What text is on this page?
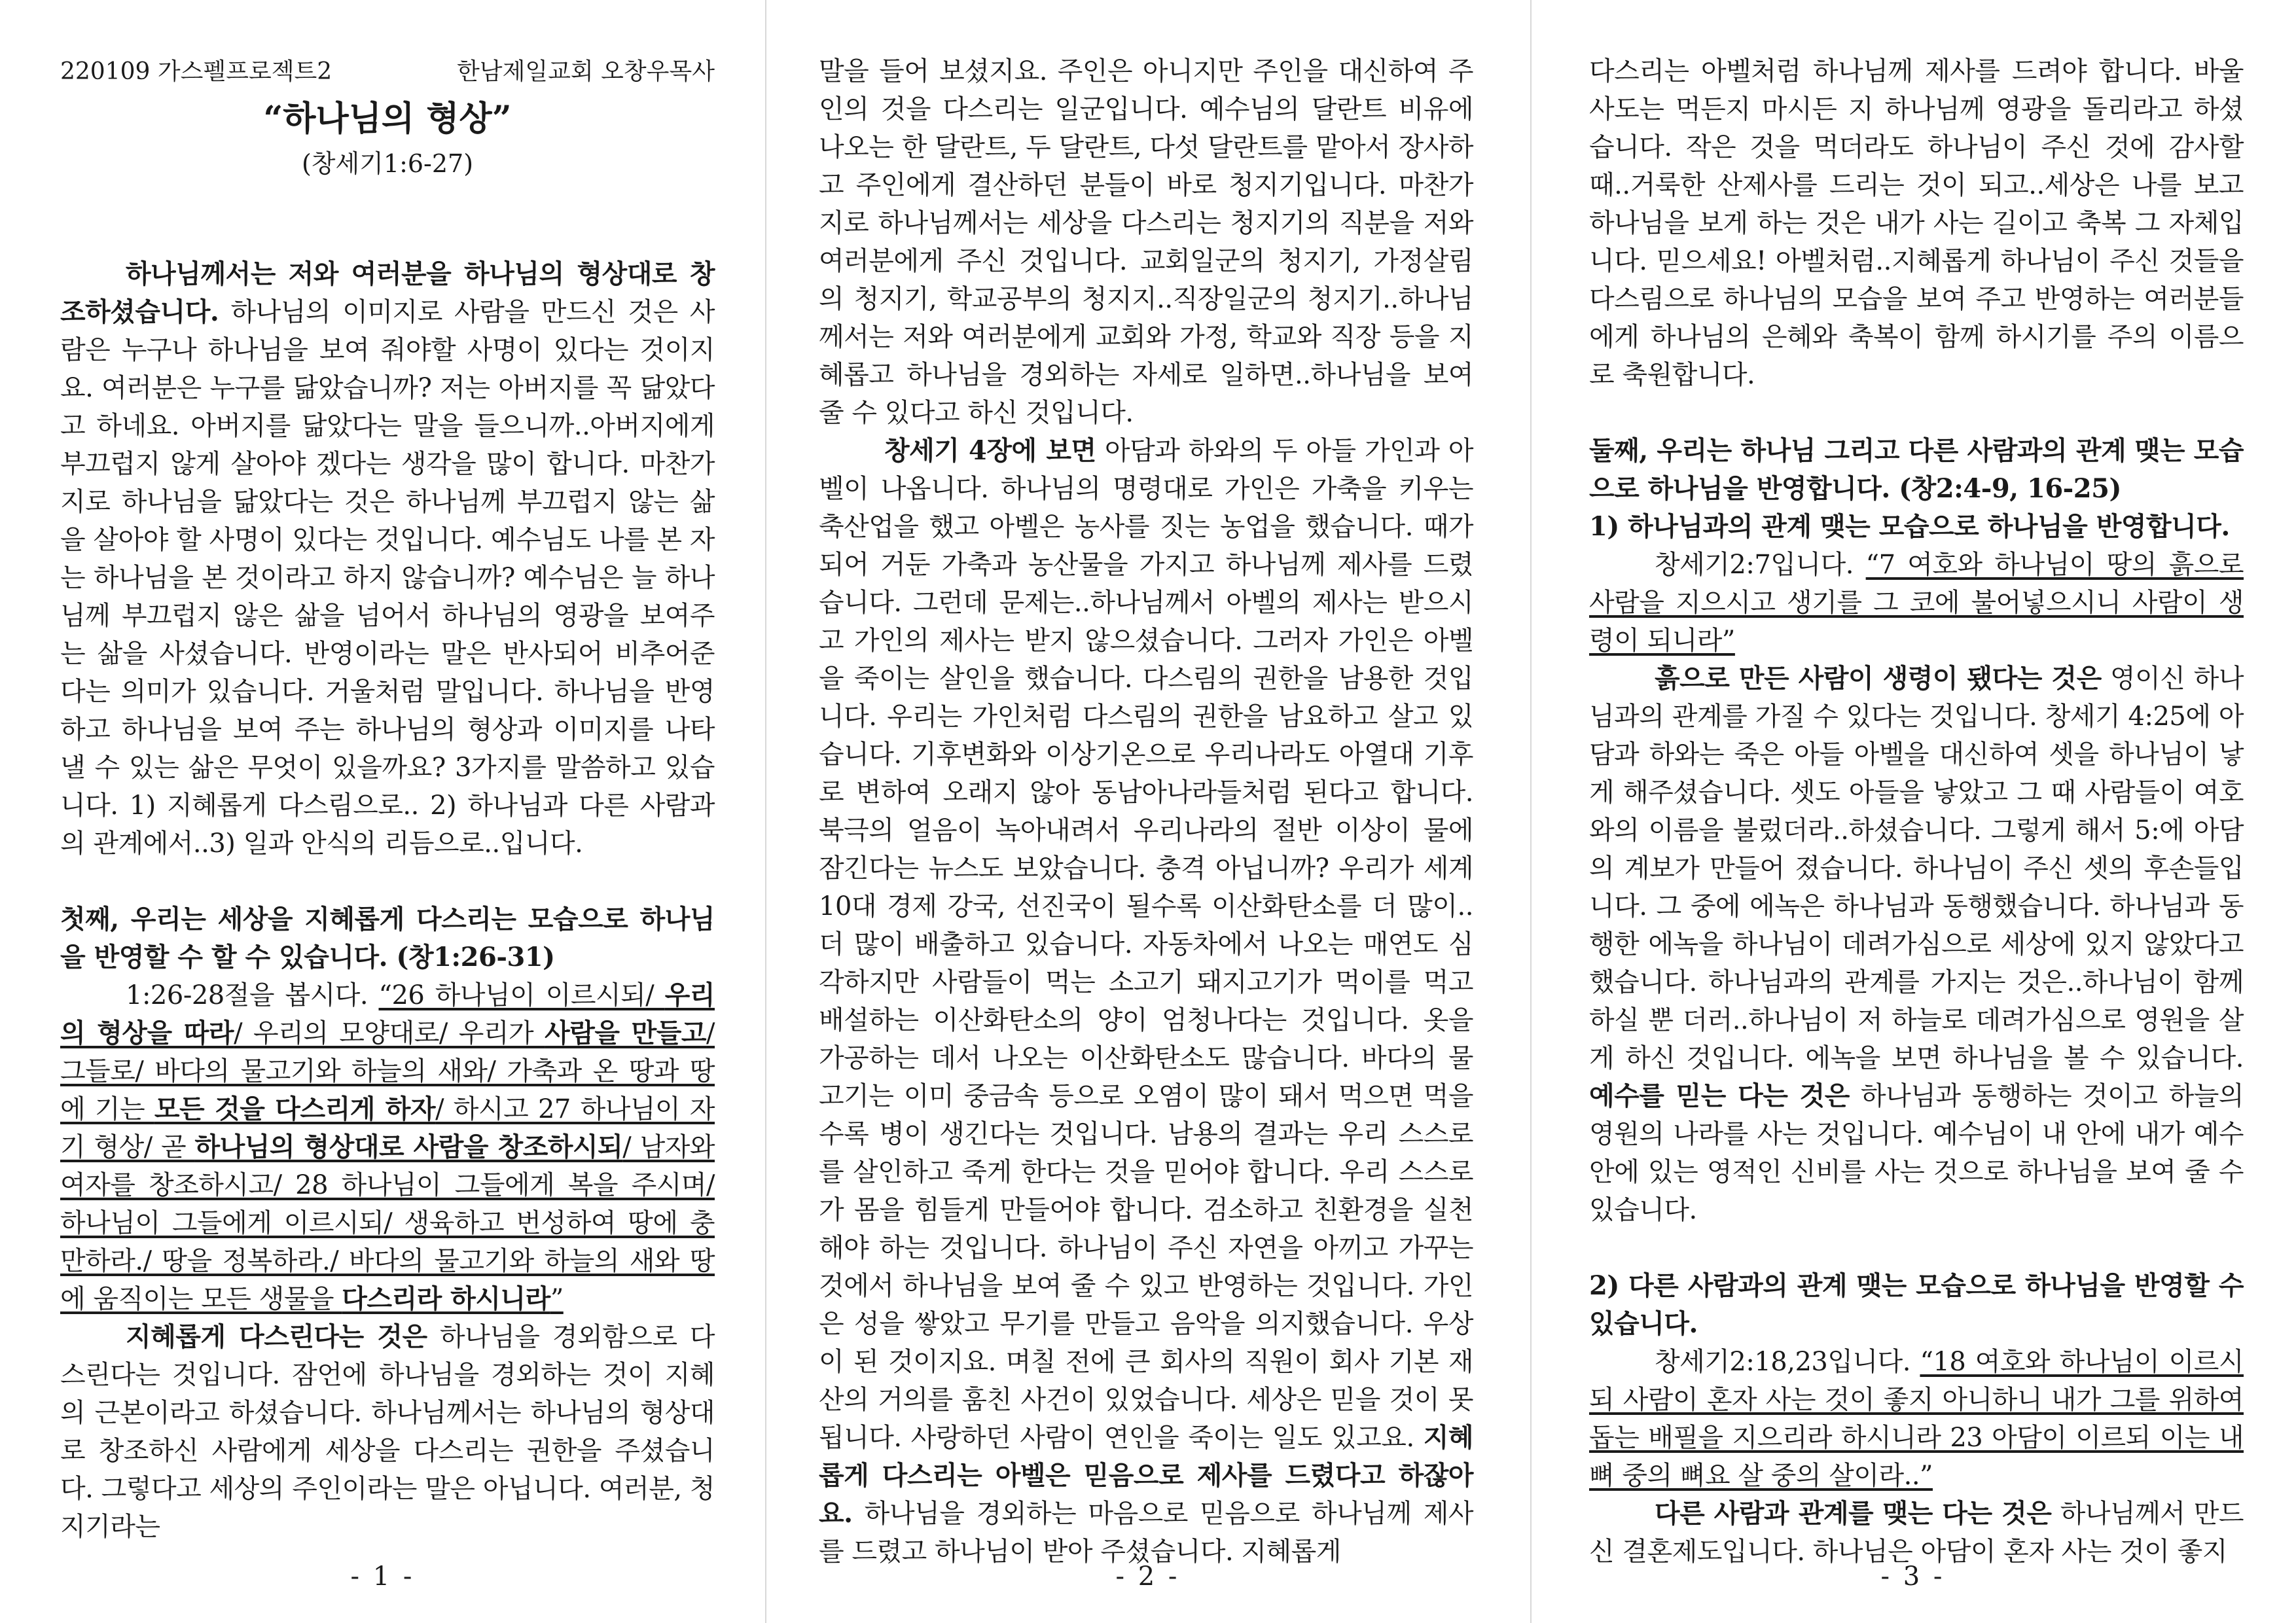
220109 가스펠프로젝트2	한남제일교회 오창우목사
“하나님의 형상”
(창세기1:6-27)

하나님께서는 저와 여러분을 하나님의 형상대로 창조하셨습니다. 하나님의 이미지로 사람을 만드신 것은 사람은 누구나 하나님을 보여 줘야할 사명이 있다는 것이지요. 여러분은 누구를 닮았습니까? 저는 아버지를 꼭 닮았다고 하네요. 아버지를 닮았다는 말을 들으니까..아버지에게 부끄럽지 않게 살아야 겠다는 생각을 많이 합니다. 마찬가지로 하나님을 닮았다는 것은 하나님께 부끄럽지 않는 삶을 살아야 할 사명이 있다는 것입니다. 예수님도 나를 본 자는 하나님을 본 것이라고 하지 않습니까? 예수님은 늘 하나님께 부끄럽지 않은 삶을 넘어서 하나님의 영광을 보여주는 삶을 사셨습니다. 반영이라는 말은 반사되어 비추어준다는 의미가 있습니다. 거울처럼 말입니다. 하나님을 반영하고 하나님을 보여 주는 하나님의 형상과 이미지를 나타낼 수 있는 삶은 무엇이 있을까요? 3가지를 말씀하고 있습니다. 1) 지혜롭게 다스림으로.. 2) 하나님과 다른 사람과의 관계에서..3) 일과 안식의 리듬으로..입니다.

첫째, 우리는 세상을 지혜롭게 다스리는 모습으로 하나님을 반영할 수 할 수 있습니다. (창1:26-31)

1:26-28절을 봅시다. “26 하나님이 이르시되/ 우리의 형상을 따라/ 우리의 모양대로/ 우리가 사람을 만들고/ 그들로/ 바다의 물고기와 하늘의 새와/ 가축과 온 땅과 땅에 기는 모든 것을 다스리게 하자/ 하시고 27 하나님이 자기 형상/ 곧 하나님의 형상대로 사람을 창조하시되/ 남자와 여자를 창조하시고/ 28 하나님이 그들에게 복을 주시며/ 하나님이 그들에게 이르시되/ 생육하고 번성하여 땅에 충만하라./ 땅을 정복하라./ 바다의 물고기와 하늘의 새와 땅에 움직이는 모든 생물을 다스리라 하시니라”

지혜롭게 다스린다는 것은 하나님을 경외함으로 다스린다는 것입니다. 잠언에 하나님을 경외하는 것이 지혜의 근본이라고 하셨습니다. 하나님께서는 하나님의 형상대로 창조하신 사람에게 세상을 다스리는 권한을 주셨습니다. 그렇다고 세상의 주인이라는 말은 아닙니다. 여러분, 청지기라는

- 1 -

말을 들어 보셨지요. 주인은 아니지만 주인을 대신하여 주인의 것을 다스리는 일군입니다. 예수님의 달란트 비유에 나오는 한 달란트, 두 달란트, 다섯 달란트를 맡아서 장사하고 주인에게 결산하던 분들이 바로 청지기입니다. 마찬가지로 하나님께서는 세상을 다스리는 청지기의 직분을 저와 여러분에게 주신 것입니다. 교회일군의 청지기, 가정살림의 청지기, 학교공부의 청지지..직장일군의 청지기..하나님께서는 저와 여러분에게 교회와 가정, 학교와 직장 등을 지혜롭고 하나님을 경외하는 자세로 일하면..하나님을 보여줄 수 있다고 하신 것입니다.

창세기 4장에 보면 아담과 하와의 두 아들 가인과 아벨이 나옵니다. 하나님의 명령대로 가인은 가축을 키우는 축산업을 했고 아벨은 농사를 짓는 농업을 했습니다. 때가 되어 거둔 가축과 농산물을 가지고 하나님께 제사를 드렸습니다. 그런데 문제는..하나님께서 아벨의 제사는 받으시고 가인의 제사는 받지 않으셨습니다. 그러자 가인은 아벨을 죽이는 살인을 했습니다. 다스림의 권한을 남용한 것입니다. 우리는 가인처럼 다스림의 권한을 남요하고 살고 있습니다. 기후변화와 이상기온으로 우리나라도 아열대 기후로 변하여 오래지 않아 동남아나라들처럼 된다고 합니다. 북극의 얼음이 녹아내려서 우리나라의 절반 이상이 물에 잠긴다는 뉴스도 보았습니다. 충격 아닙니까? 우리가 세계 10대 경제 강국, 선진국이 될수록 이산화탄소를 더 많이..더 많이 배출하고 있습니다. 자동차에서 나오는 매연도 심각하지만 사람들이 먹는 소고기 돼지고기가 먹이를 먹고 배설하는 이산화탄소의 양이 엄청나다는 것입니다. 옷을 가공하는 데서 나오는 이산화탄소도 많습니다. 바다의 물고기는 이미 중금속 등으로 오염이 많이 돼서 먹으면 먹을수록 병이 생긴다는 것입니다. 남용의 결과는 우리 스스로를 살인하고 죽게 한다는 것을 믿어야 합니다. 우리 스스로가 몸을 힘들게 만들어야 합니다. 검소하고 친환경을 실천해야 하는 것입니다. 하나님이 주신 자연을 아끼고 가꾸는 것에서 하나님을 보여 줄 수 있고 반영하는 것입니다. 가인은 성을 쌓았고 무기를 만들고 음악을 의지했습니다. 우상이 된 것이지요. 며칠 전에 큰 회사의 직원이 회사 기본 재산의 거의를 훔친 사건이 있었습니다. 세상은 믿을 것이 못됩니다. 사랑하던 사람이 연인을 죽이는 일도 있고요. 지혜롭게 다스리는 아벨은 믿음으로 제사를 드렸다고 하잖아요. 하나님을 경외하는 마음으로 믿음으로 하나님께 제사를 드렸고 하나님이 받아 주셨습니다. 지혜롭게

- 2 -

다스리는 아벨처럼 하나님께 제사를 드려야 합니다. 바울사도는 먹든지 마시든 지 하나님께 영광을 돌리라고 하셨습니다. 작은 것을 먹더라도 하나님이 주신 것에 감사할 때..거룩한 산제사를 드리는 것이 되고..세상은 나를 보고 하나님을 보게 하는 것은 내가 사는 길이고 축복 그 자체입니다. 믿으세요! 아벨처럼..지혜롭게 하나님이 주신 것들을 다스림으로 하나님의 모습을 보여 주고 반영하는 여러분들에게 하나님의 은혜와 축복이 함께 하시기를 주의 이름으로 축원합니다.

둘째, 우리는 하나님 그리고 다른 사람과의 관계 맺는 모습으로 하나님을 반영합니다. (창2:4-9, 16-25)

1) 하나님과의 관계 맺는 모습으로 하나님을 반영합니다.

창세기2:7입니다. “7 여호와 하나님이 땅의 흙으로 사람을 지으시고 생기를 그 코에 불어넣으시니 사람이 생령이 되니라”

흙으로 만든 사람이 생령이 됐다는 것은 영이신 하나님과의 관계를 가질 수 있다는 것입니다. 창세기 4:25에 아담과 하와는 죽은 아들 아벨을 대신하여 셋을 하나님이 낳게 해주셨습니다. 셋도 아들을 낳았고 그 때 사람들이 여호와의 이름을 불렀더라..하셨습니다. 그렇게 해서 5:에 아담의 계보가 만들어 졌습니다. 하나님이 주신 셋의 후손들입니다. 그 중에 에녹은 하나님과 동행했습니다. 하나님과 동행한 에녹을 하나님이 데려가심으로 세상에 있지 않았다고 했습니다. 하나님과의 관계를 가지는 것은..하나님이 함께 하실 뿐 더러..하나님이 저 하늘로 데려가심으로 영원을 살게 하신 것입니다. 에녹을 보면 하나님을 볼 수 있습니다. 예수를 믿는 다는 것은 하나님과 동행하는 것이고 하늘의 영원의 나라를 사는 것입니다. 예수님이 내 안에 내가 예수 안에 있는 영적인 신비를 사는 것으로 하나님을 보여 줄 수 있습니다.

2) 다른 사람과의 관계 맺는 모습으로 하나님을 반영할 수 있습니다.

창세기2:18,23입니다. “18 여호와 하나님이 이르시되 사람이 혼자 사는 것이 좋지 아니하니 내가 그를 위하여 돕는 배필을 지으리라 하시니라 23 아담이 이르되 이는 내 뼈 중의 뼈요 살 중의 살이라..”

다른 사람과 관계를 맺는 다는 것은 하나님께서 만드신 결혼제도입니다. 하나님은 아담이 혼자 사는 것이 좋지

- 3 -
